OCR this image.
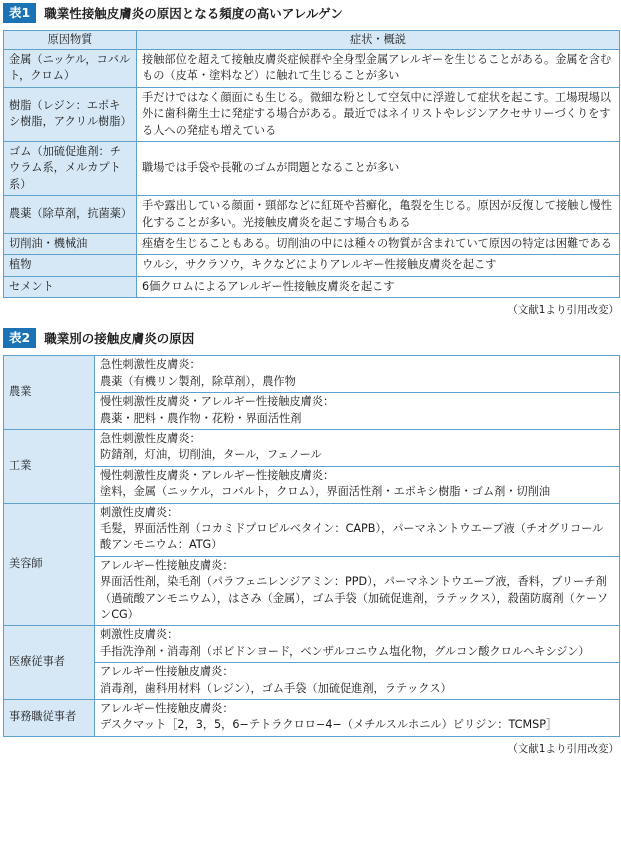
表1	職業性接触皮膚炎の原因となる頻度の高いアレルゲン
原因物質	症状・概説
金属（ニッケル，コバルト，クロム）	接触部位を超えて接触皮膚炎症候群や全身型金属アレルギーを生じることがある。金属を含むもの（皮革・塗料など）に触れて生じることが多い
樹脂（レジン：エポキシ樹脂，アクリル樹脂）	手だけではなく顔面にも生じる。微細な粉として空気中に浮遊して症状を起こす。工場現場以外に歯科衛生士に発症する場合がある。最近ではネイリストやレジンアクセサリーづくりをする人への発症も増えている
ゴム（加硫促進剤：チウラム系，メルカプト系）	職場では手袋や長靴のゴムが問題となることが多い
農薬（除草剤，抗菌薬）	手や露出している顔面・頸部などに紅斑や苔癬化，亀裂を生じる。原因が反復して接触し慢性化することが多い。光接触皮膚炎を起こす場合もある
切削油・機械油	痤瘡を生じることもある。切削油の中には種々の物質が含まれていて原因の特定は困難である
植物	ウルシ，サクラソウ，キクなどによりアレルギー性接触皮膚炎を起こす
セメント	6価クロムによるアレルギー性接触皮膚炎を起こす
（文献1より引用改変）
表2	職業別の接触皮膚炎の原因
農業	急性刺激性皮膚炎：
農薬（有機リン製剤，除草剤），農作物

	慢性刺激性皮膚炎・アレルギー性接触皮膚炎：
農薬・肥料・農作物・花粉・界面活性剤

工業	急性刺激性皮膚炎：
防錆剤，灯油，切削油，タール，フェノール

	慢性刺激性皮膚炎・アレルギー性接触皮膚炎：
塗料，金属（ニッケル，コバルト，クロム），界面活性剤・エポキシ樹脂・ゴム剤・切削油

美容師	刺激性皮膚炎：
毛髪，界面活性剤（コカミドプロピルベタイン：CAPB），パーマネントウエーブ液（チオグリコール酸アンモニウム：ATG）

	アレルギー性接触皮膚炎：
界面活性剤，染毛剤（パラフェニレンジアミン：PPD），パーマネントウエーブ液，香料，ブリーチ剤（過硫酸アンモニウム），はさみ（金属），ゴム手袋（加硫促進剤，ラテックス），殺菌防腐剤（ケーソンCG）

医療従事者	刺激性皮膚炎：
手指洗浄剤・消毒剤（ポビドンヨード，ベンザルコニウム塩化物，グルコン酸クロルヘキシジン）

	アレルギー性接触皮膚炎：
消毒剤，歯科用材料（レジン），ゴム手袋（加硫促進剤，ラテックス）

事務職従事者	アレルギー性接触皮膚炎：
デスクマット［2，3，5，6−テトラクロロ−4−（メチルスルホニル）ピリジン：TCMSP］
（文献1より引用改変）
